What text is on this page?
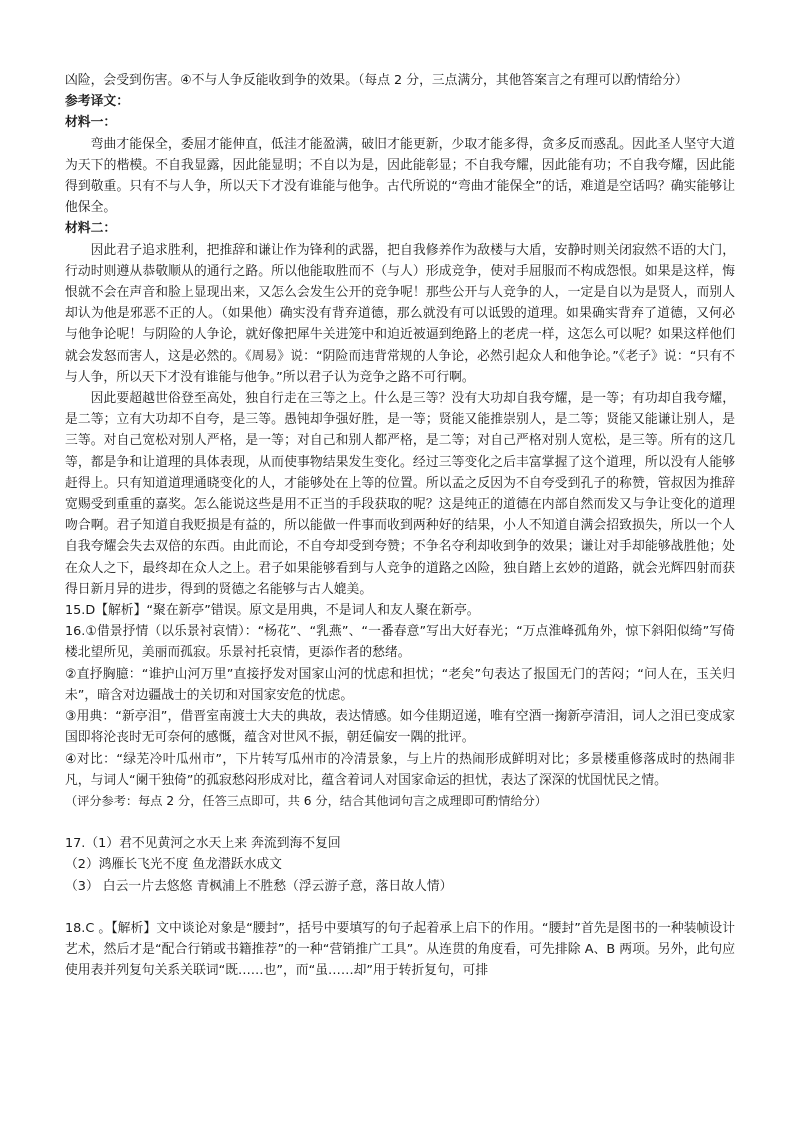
凶险，会受到伤害。④不与人争反能收到争的效果。（每点 2 分，三点满分，其他答案言之有理可以酌情给分）

参考译文：

材料一：

弯曲才能保全，委屈才能伸直，低洼才能盈满，破旧才能更新，少取才能多得，贪多反而惑乱。因此圣人坚守大道为天下的楷模。不自我显露，因此能显明；不自以为是，因此能彰显；不自我夸耀，因此能有功；不自我夸耀，因此能得到敬重。只有不与人争，所以天下才没有谁能与他争。古代所说的“弯曲才能保全”的话，难道是空话吗？确实能够让他保全。

材料二：

因此君子追求胜利，把推辞和谦让作为锋利的武器，把自我修养作为敌楼与大盾，安静时则关闭寂然不语的大门，行动时则遵从恭敬顺从的通行之路。所以他能取胜而不（与人）形成竞争，使对手屈服而不构成怨恨。如果是这样，悔恨就不会在声音和脸上显现出来，又怎么会发生公开的竞争呢！那些公开与人竞争的人，一定是自以为是贤人，而别人却认为他是邪恶不正的人。（如果他）确实没有背弃道德，那么就没有可以诋毁的道理。如果确实背弃了道德，又何必与他争论呢！与阴险的人争论，就好像把犀牛关进笼中和迫近被逼到绝路上的老虎一样，这怎么可以呢？如果这样他们就会发怒而害人，这是必然的。《周易》说：“阴险而违背常规的人争论，必然引起众人和他争论。”《老子》说：“只有不与人争，所以天下才没有谁能与他争。”所以君子认为竞争之路不可行啊。

因此要超越世俗登至高处，独自行走在三等之上。什么是三等？没有大功却自我夸耀，是一等；有功却自我夸耀，是二等；立有大功却不自夸，是三等。愚钝却争强好胜，是一等；贤能又能推崇别人，是二等；贤能又能谦让别人，是三等。对自己宽松对别人严格，是一等；对自己和别人都严格，是二等；对自己严格对别人宽松，是三等。所有的这几等，都是争和让道理的具体表现，从而使事物结果发生变化。经过三等变化之后丰富掌握了这个道理，所以没有人能够赶得上。只有知道道理通晓变化的人，才能够处在上等的位置。所以孟之反因为不自夸受到孔子的称赞，管叔因为推辞宽赐受到重重的嘉奖。怎么能说这些是用不正当的手段获取的呢？这是纯正的道德在内部自然而发又与争让变化的道理吻合啊。君子知道自我贬损是有益的，所以能做一件事而收到两种好的结果，小人不知道自满会招致损失，所以一个人自我夸耀会失去双倍的东西。由此而论，不自夸却受到夸赞；不争名夺利却收到争的效果；谦让对手却能够战胜他；处在众人之下，最终却在众人之上。君子如果能够看到与人竞争的道路之凶险，独自踏上玄妙的道路，就会光辉四射而获得日新月异的进步，得到的贤德之名能够与古人媲美。

15.D【解析】“聚在新亭”错误。原文是用典，不是词人和友人聚在新亭。

16.①借景抒情（以乐景衬哀情）：“杨花”、“乳燕”、“一番春意”写出大好春光；“万点淮峰孤角外，惊下斜阳似绮”写倚楼北望所见，美丽而孤寂。乐景衬托哀情，更添作者的愁绪。

②直抒胸臆：“谁护山河万里”直接抒发对国家山河的忧虑和担忧；“老矣”句表达了报国无门的苦闷；“问人在，玉关归未”，暗含对边疆战士的关切和对国家安危的忧虑。

③用典：“新亭泪”，借晋室南渡士大夫的典故，表达情感。如今佳期迢递，唯有空酒一掬新亭清泪，词人之泪已变成家国即将沦丧时无可奈何的感慨，蕴含对世风不振，朝廷偏安一隅的批评。

④对比：“绿芜冷叶瓜州市”，下片转写瓜州市的冷清景象，与上片的热闹形成鲜明对比；多景楼重修落成时的热闹非凡，与词人“阑干独倚”的孤寂愁闷形成对比，蕴含着词人对国家命运的担忧，表达了深深的忧国忧民之情。

（评分参考：每点 2 分，任答三点即可，共 6 分，结合其他词句言之成理即可酌情给分）

17.（1）君不见黄河之水天上来 奔流到海不复回

（2）鸿雁长飞光不度 鱼龙潜跃水成文

（3） 白云一片去悠悠 青枫浦上不胜愁（浮云游子意，落日故人情）

18.C 。【解析】文中谈论对象是“腰封”，括号中要填写的句子起着承上启下的作用。“腰封”首先是图书的一种装帧设计艺术，然后才是“配合行销或书籍推荐”的一种“营销推广工具”。从连贯的角度看，可先排除 A、B 两项。另外，此句应使用表并列复句关系关联词“既……也”，而“虽……却”用于转折复句，可排
